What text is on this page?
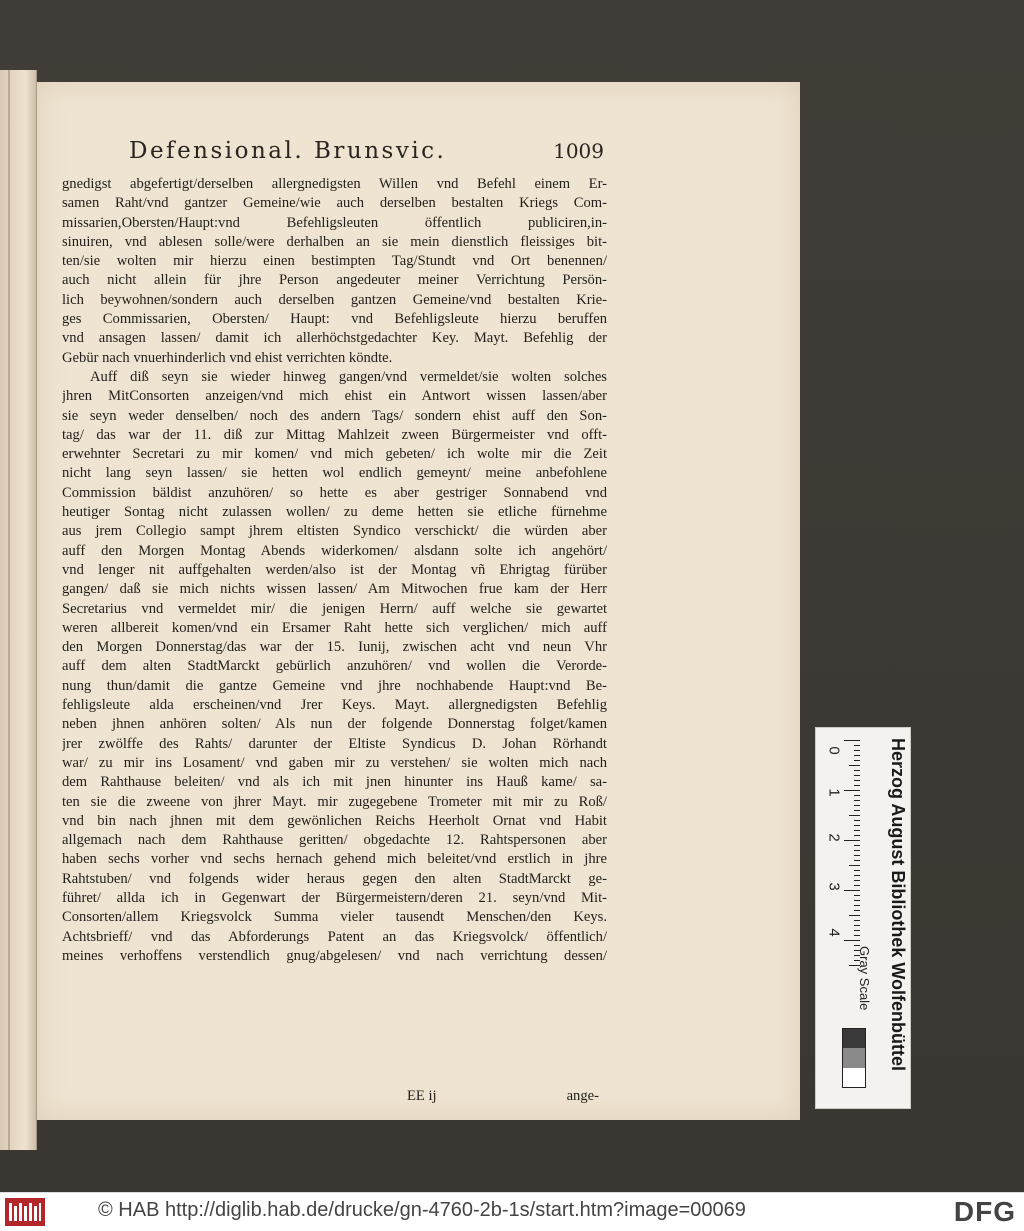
Defensional. Brunsvic.	1009
gnedigst abgefertigt/derselben allergnedigsten Willen vnd Befehl einem Er-
samen Raht/vnd gantzer Gemeine/wie auch derselben bestalten Kriegs Com-
missarien,Obersten/Haupt:vnd Befehligsleuten öffentlich publiciren,in-
sinuiren, vnd ablesen solle/were derhalben an sie mein dienstlich fleissiges bit-
ten/sie wolten mir hierzu einen bestimpten Tag/Stundt vnd Ort benennen/
auch nicht allein für jhre Person angedeuter meiner Verrichtung Persön-
lich beywohnen/sondern auch derselben gantzen Gemeine/vnd bestalten Krie-
ges Commissarien, Obersten/ Haupt: vnd Befehligsleute hierzu beruffen
vnd ansagen lassen/ damit ich allerhöchstgedachter Key. Mayt. Befehlig der
Gebür nach vnuerhinderlich vnd ehist verrichten köndte.
Auff diß seyn sie wieder hinweg gangen/vnd vermeldet/sie wolten solches
jhren MitConsorten anzeigen/vnd mich ehist ein Antwort wissen lassen/aber
sie seyn weder denselben/ noch des andern Tags/ sondern ehist auff den Son-
tag/ das war der 11. diß zur Mittag Mahlzeit zween Bürgermeister vnd offt-
erwehnter Secretari zu mir komen/ vnd mich gebeten/ ich wolte mir die Zeit
nicht lang seyn lassen/ sie hetten wol endlich gemeynt/ meine anbefohlene
Commission bäldist anzuhören/ so hette es aber gestriger Sonnabend vnd
heutiger Sontag nicht zulassen wollen/ zu deme hetten sie etliche fürnehme
aus jrem Collegio sampt jhrem eltisten Syndico verschickt/ die würden aber
auff den Morgen Montag Abends widerkomen/ alsdann solte ich angehört/
vnd lenger nit auffgehalten werden/also ist der Montag vñ Ehrigtag fürüber
gangen/ daß sie mich nichts wissen lassen/ Am Mitwochen frue kam der Herr
Secretarius vnd vermeldet mir/ die jenigen Herrn/ auff welche sie gewartet
weren allbereit komen/vnd ein Ersamer Raht hette sich verglichen/ mich auff
den Morgen Donnerstag/das war der 15. Iunij, zwischen acht vnd neun Vhr
auff dem alten StadtMarckt gebürlich anzuhören/ vnd wollen die Verorde-
nung thun/damit die gantze Gemeine vnd jhre nochhabende Haupt:vnd Be-
fehligsleute alda erscheinen/vnd Jrer Keys. Mayt. allergnedigsten Befehlig
neben jhnen anhören solten/ Als nun der folgende Donnerstag folget/kamen
jrer zwölffe des Rahts/ darunter der Eltiste Syndicus D. Johan Rörhandt
war/ zu mir ins Losament/ vnd gaben mir zu verstehen/ sie wolten mich nach
dem Rahthause beleiten/ vnd als ich mit jnen hinunter ins Hauß kame/ sa-
ten sie die zweene von jhrer Mayt. mir zugegebene Trometer mit mir zu Roß/
vnd bin nach jhnen mit dem gewönlichen Reichs Heerholt Ornat vnd Habit
allgemach nach dem Rahthause geritten/ obgedachte 12. Rahtspersonen aber
haben sechs vorher vnd sechs hernach gehend mich beleitet/vnd erstlich in jhre
Rahtstuben/ vnd folgends wider heraus gegen den alten StadtMarckt ge-
führet/ allda ich in Gegenwart der Bürgermeistern/deren 21. seyn/vnd Mit-
Consorten/allem Kriegsvolck Summa vieler tausendt Menschen/den Keys.
Achtsbrieff/ vnd das Abforderungs Patent an das Kriegsvolck/ öffentlich/
meines verhoffens verstendlich gnug/abgelesen/ vnd nach verrichtung dessen/
EE ij	ange-
0
1
2
3
4
Gray Scale Herzog August Bibliothek Wolfenbüttel
© HAB http://diglib.hab.de/drucke/gn-4760-2b-1s/start.htm?image=00069	DFG
